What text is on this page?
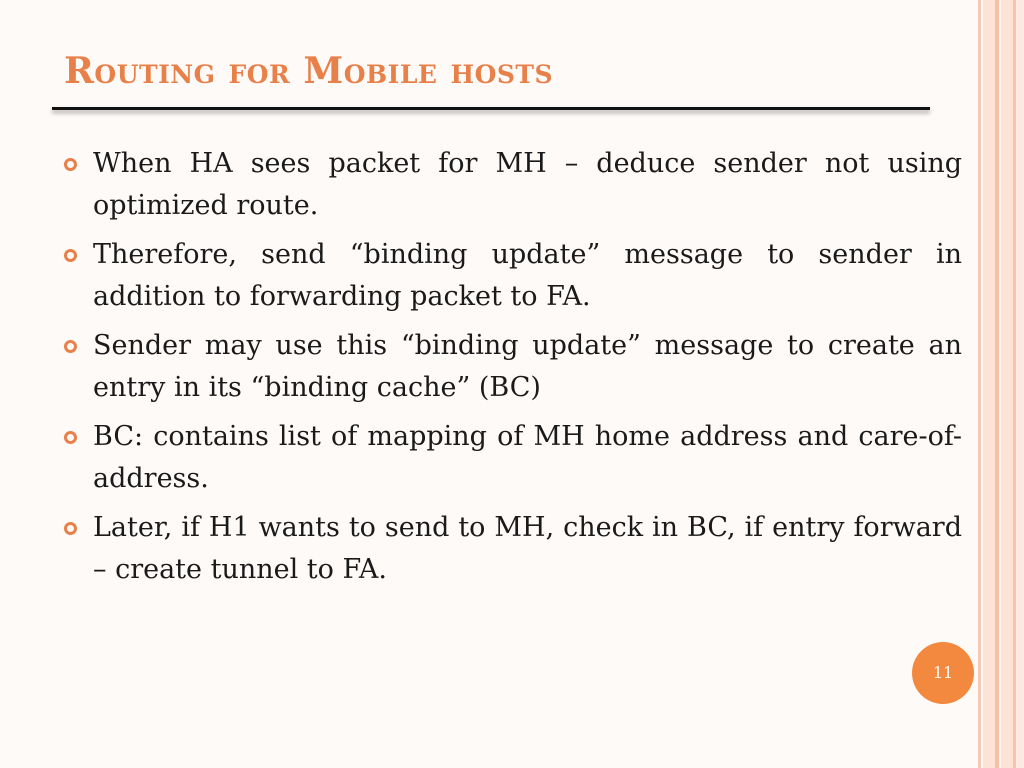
Routing for Mobile hosts
When HA sees packet for MH – deduce sender not using optimized route.
Therefore, send “binding update” message to sender in addition to forwarding packet to FA.
Sender may use this “binding update” message to create an entry in its “binding cache” (BC)
BC: contains list of mapping of MH home address and care-of-address.
Later, if H1 wants to send to MH, check in BC, if entry forward – create tunnel to FA.
11
